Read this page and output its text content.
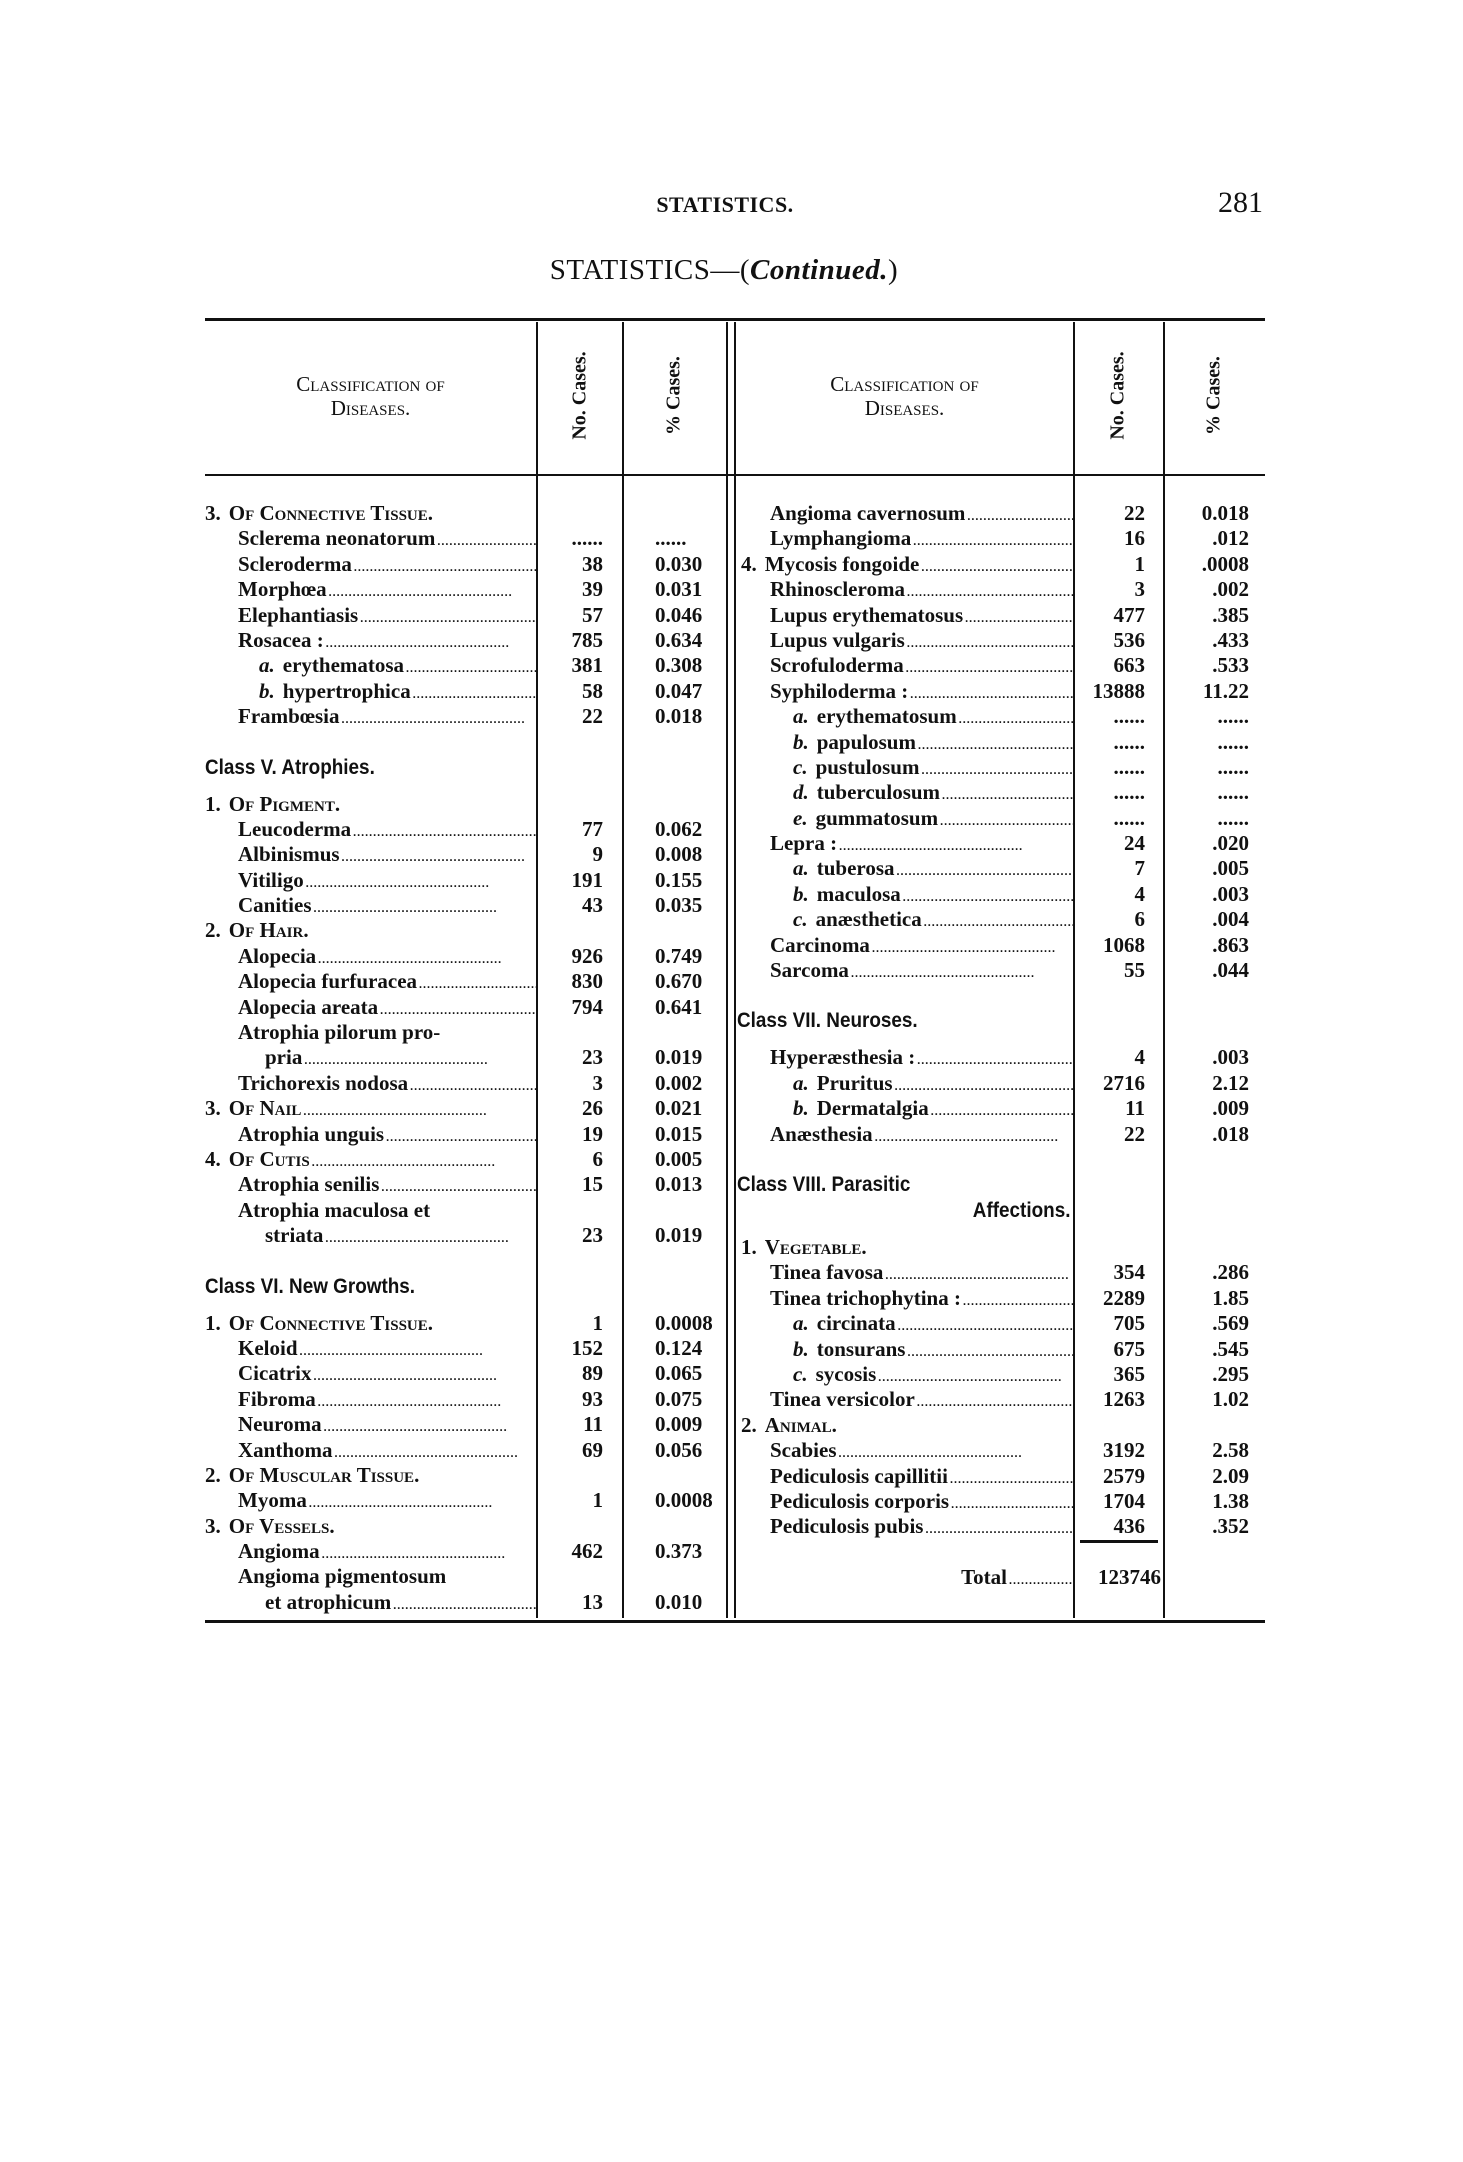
STATISTICS.	281
STATISTICS—(Continued.)
Classification of
Diseases.	No. Cases.	% Cases.	Classification of
Diseases.	No. Cases.	% Cases.
3. Of Connective Tissue.
Sclerema neonatorum . . .	......	......
Scleroderma . . .	38	0.030
Morphœa . . .	39	0.031
Elephantiasis . . .	57	0.046
Rosacea : . . .	785	0.634
a. erythematosa . . .	381	0.308
b. hypertrophica . . .	58	0.047
Frambœsia . . .	22	0.018
Class V. Atrophies.
1. Of Pigment.
Leucoderma . . .	77	0.062
Albinismus . . .	9	0.008
Vitiligo . . .	191	0.155
Canities . . .	43	0.035
2. Of Hair.
Alopecia . . .	926	0.749
Alopecia furfuracea . . .	830	0.670
Alopecia areata . . .	794	0.641
Atrophia pilorum pro-
pria . . .	23	0.019
Trichorexis nodosa . . .	3	0.002
3. Of Nail . . .	26	0.021
Atrophia unguis . . .	19	0.015
4. Of Cutis . . .	6	0.005
Atrophia senilis . . .	15	0.013
Atrophia maculosa et
striata . . .	23	0.019
Class VI. New Growths.
1. Of Connective Tissue.	1	0.0008
Keloid . . .	152	0.124
Cicatrix . . .	89	0.065
Fibroma . . .	93	0.075
Neuroma . . .	11	0.009
Xanthoma . . .	69	0.056
2. Of Muscular Tissue.
Myoma . . .	1	0.0008
3. Of Vessels.
Angioma . . .	462	0.373
Angioma pigmentosum
et atrophicum . . .	13	0.010
Angioma cavernosum . . .	22	0.018
Lymphangioma . . .	16	.012
4. Mycosis fongoide . . .	1	.0008
Rhinoscleroma . . .	3	.002
Lupus erythematosus . . .	477	.385
Lupus vulgaris . . .	536	.433
Scrofuloderma . . .	663	.533
Syphiloderma : . . .	13888	11.22
a. erythematosum . . .	......	......
b. papulosum . . .	......	......
c. pustulosum . . .	......	......
d. tuberculosum . . .	......	......
e. gummatosum . . .	......	......
Lepra : . . .	24	.020
a. tuberosa . . .	7	.005
b. maculosa . . .	4	.003
c. anæsthetica . . .	6	.004
Carcinoma . . .	1068	.863
Sarcoma . . .	55	.044
Class VII. Neuroses.
Hyperæsthesia : . . .	4	.003
a. Pruritus . . .	2716	2.12
b. Dermatalgia . . .	11	.009
Anæsthesia . . .	22	.018
Class VIII. Parasitic
Affections.
1. Vegetable.
Tinea favosa . . .	354	.286
Tinea trichophytina : . . .	2289	1.85
a. circinata . . .	705	.569
b. tonsurans . . .	675	.545
c. sycosis . . .	365	.295
Tinea versicolor . . .	1263	1.02
2. Animal.
Scabies . . .	3192	2.58
Pediculosis capillitii . . .	2579	2.09
Pediculosis corporis . . .	1704	1.38
Pediculosis pubis . . .	436	.352
Total . . .	123746
